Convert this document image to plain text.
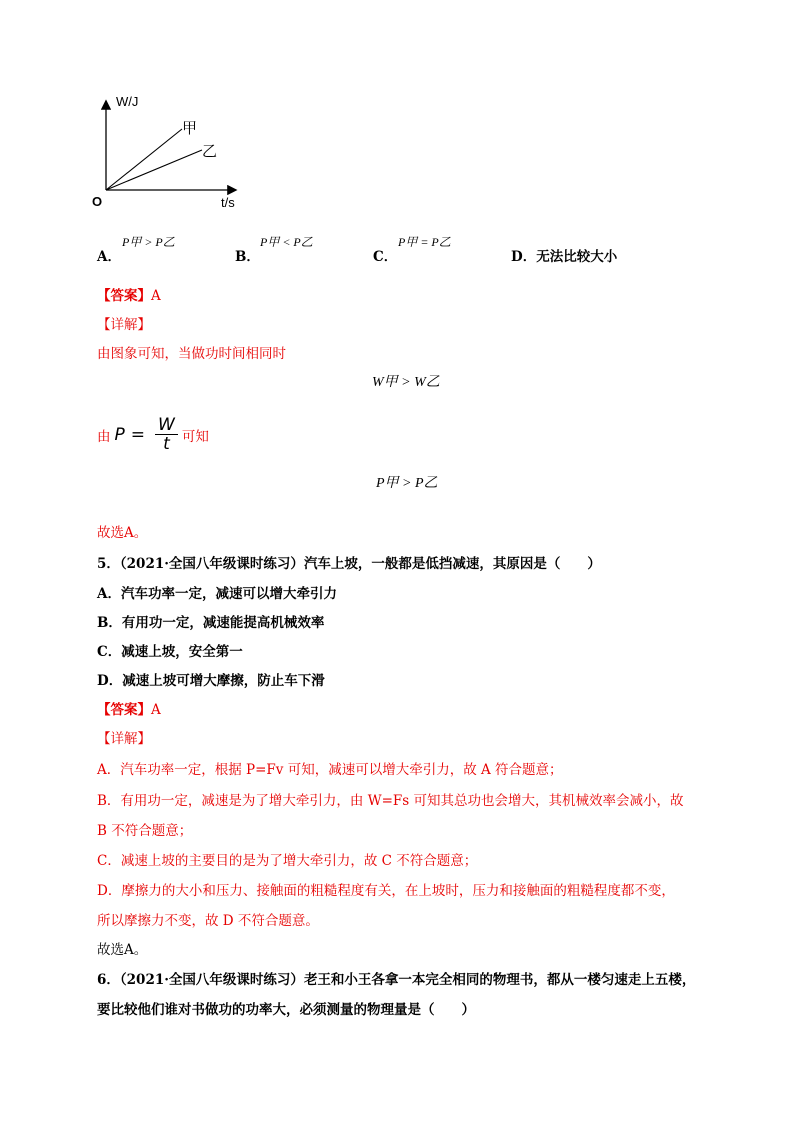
W/J
t/s
O
甲
乙
A．
P甲 > P乙
B．
P甲 < P乙
C．
P甲 = P乙
D．无法比较大小
【答案】A
【详解】
由图象可知，当做功时间相同时
W甲 > W乙
由 $P = \frac{W}{t}$ 可知
P甲 > P乙
故选A。
5．（2021·全国八年级课时练习）汽车上坡，一般都是低挡减速，其原因是（　　）
A．汽车功率一定，减速可以增大牵引力
B．有用功一定，减速能提高机械效率
C．减速上坡，安全第一
D．减速上坡可增大摩擦，防止车下滑
【答案】A
【详解】
A．汽车功率一定，根据 P=Fv 可知，减速可以增大牵引力，故 A 符合题意；
B．有用功一定，减速是为了增大牵引力，由 W=Fs 可知其总功也会增大，其机械效率会减小，故
B 不符合题意；
C．减速上坡的主要目的是为了增大牵引力，故 C 不符合题意；
D．摩擦力的大小和压力、接触面的粗糙程度有关，在上坡时，压力和接触面的粗糙程度都不变，
所以摩擦力不变，故 D 不符合题意。
故选A。
6．（2021·全国八年级课时练习）老王和小王各拿一本完全相同的物理书，都从一楼匀速走上五楼，
要比较他们谁对书做功的功率大，必须测量的物理量是（　　）
